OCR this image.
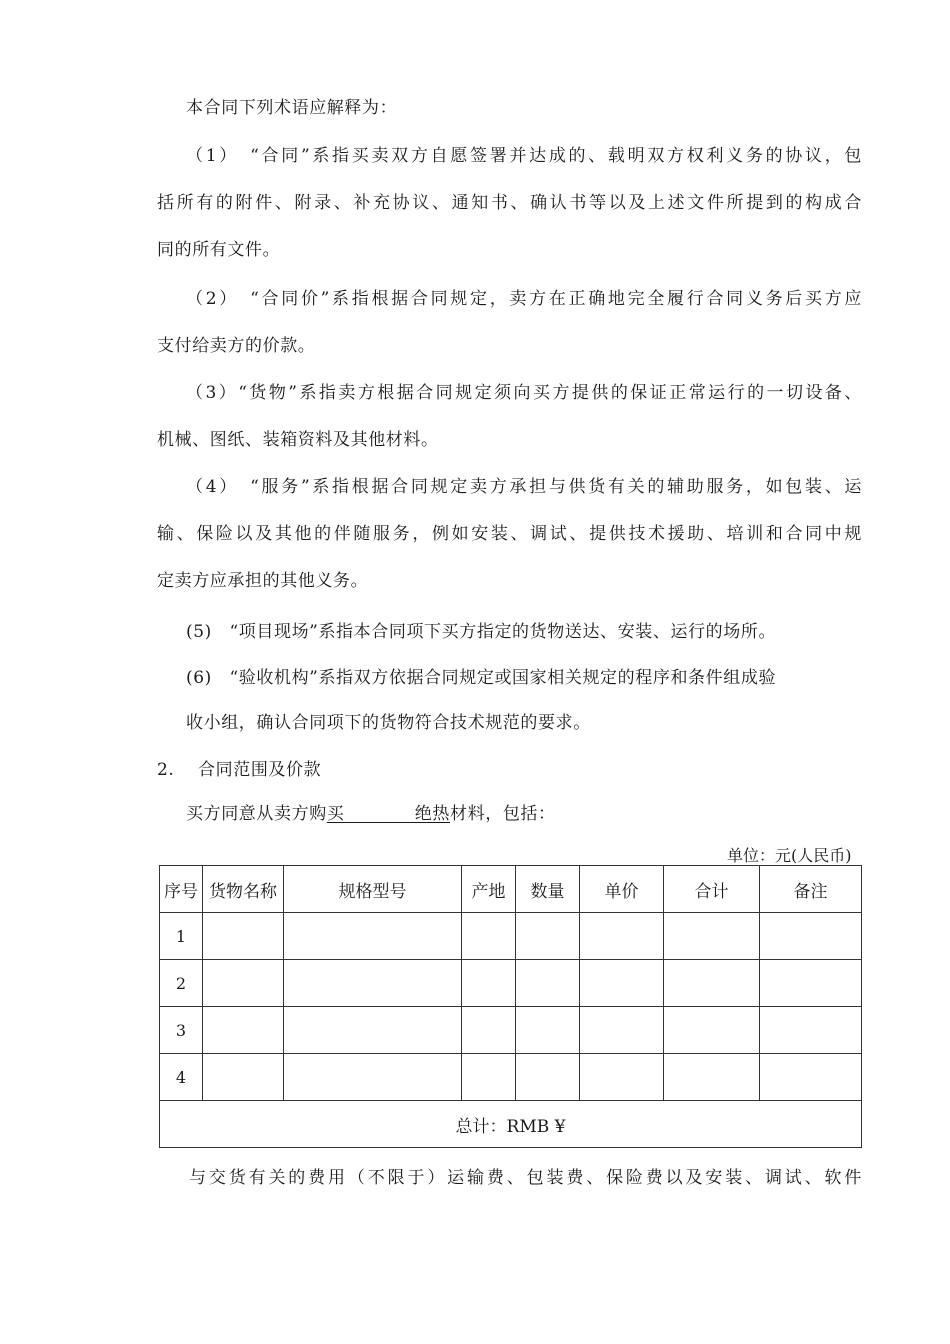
本合同下列术语应解释为：
（1）　“合同”系指买卖双方自愿签署并达成的、载明双方权利义务的协议，包
括所有的附件、附录、补充协议、通知书、确认书等以及上述文件所提到的构成合
同的所有文件。
（2）　“合同价”系指根据合同规定，卖方在正确地完全履行合同义务后买方应
支付给卖方的价款。
（3）“货物”系指卖方根据合同规定须向买方提供的保证正常运行的一切设备、
机械、图纸、装箱资料及其他材料。
（4）　“服务”系指根据合同规定卖方承担与供货有关的辅助服务，如包装、运
输、保险以及其他的伴随服务，例如安装、调试、提供技术援助、培训和合同中规
定卖方应承担的其他义务。
(5)　“项目现场”系指本合同项下买方指定的货物送达、安装、运行的场所。
(6)　“验收机构”系指双方依据合同规定或国家相关规定的程序和条件组成验
收小组，确认合同项下的货物符合技术规范的要求。
2.　 合同范围及价款
买方同意从卖方购买　　　　绝热材料，包括：
单位：元(人民币)
序号	货物名称	规格型号	产地	数量	单价	合计	备注
1							
2							
3							
4							
总计：RMB ¥							
与交货有关的费用（不限于）运输费、包装费、保险费以及安装、调试、软件
